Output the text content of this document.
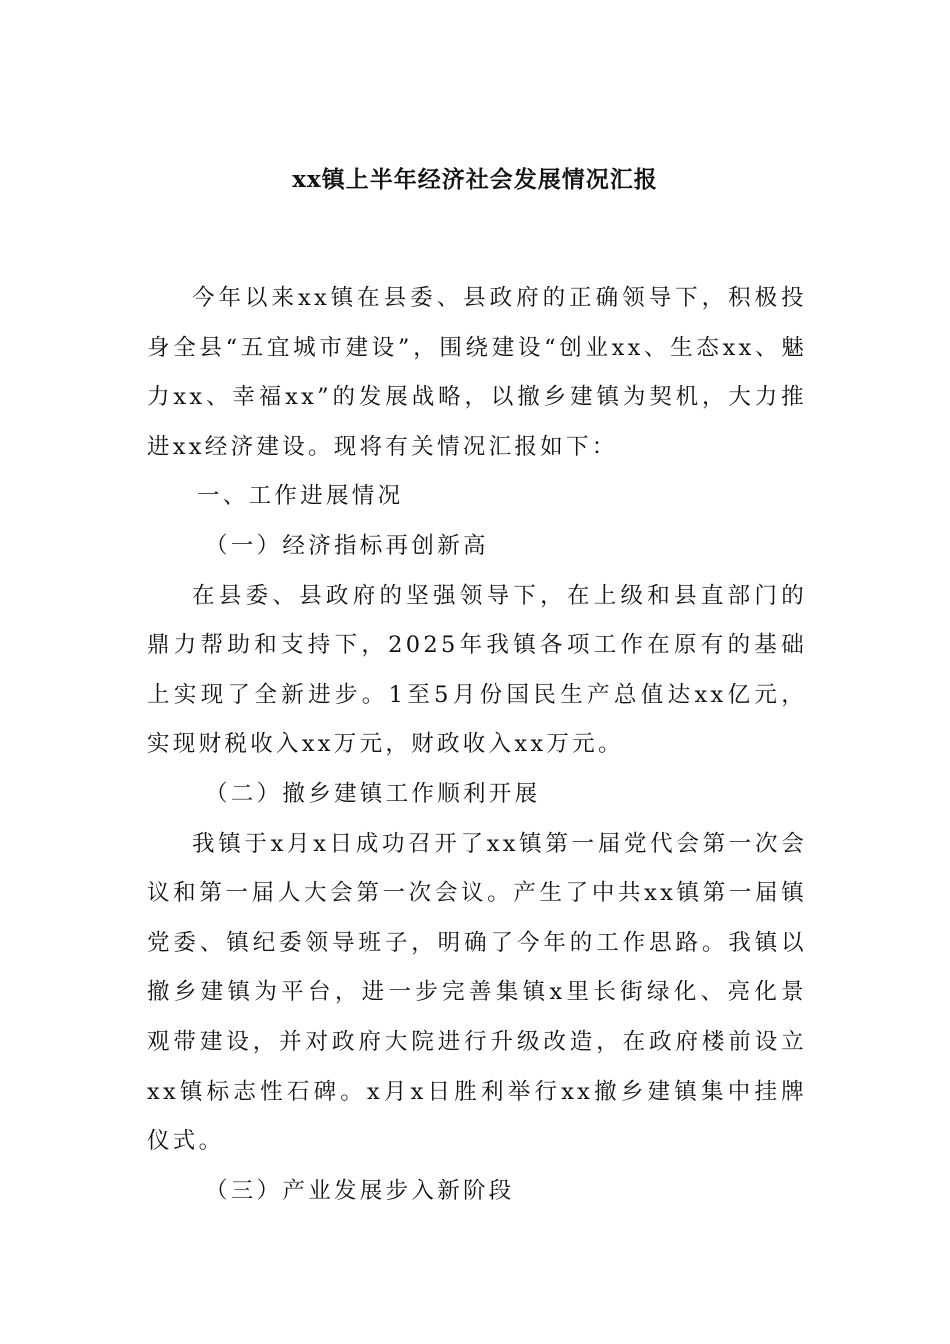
xx镇上半年经济社会发展情况汇报

今年以来xx镇在县委、县政府的正确领导下，积极投身全县“五宜城市建设”，围绕建设“创业xx、生态xx、魅力xx、幸福xx”的发展战略，以撤乡建镇为契机，大力推进xx经济建设。现将有关情况汇报如下：

一、工作进展情况

（一）经济指标再创新高

在县委、县政府的坚强领导下，在上级和县直部门的鼎力帮助和支持下，2025年我镇各项工作在原有的基础上实现了全新进步。1至5月份国民生产总值达xx亿元，实现财税收入xx万元，财政收入xx万元。

（二）撤乡建镇工作顺利开展

我镇于x月x日成功召开了xx镇第一届党代会第一次会议和第一届人大会第一次会议。产生了中共xx镇第一届镇党委、镇纪委领导班子，明确了今年的工作思路。我镇以撤乡建镇为平台，进一步完善集镇x里长街绿化、亮化景观带建设，并对政府大院进行升级改造，在政府楼前设立xx镇标志性石碑。x月x日胜利举行xx撤乡建镇集中挂牌仪式。

（三）产业发展步入新阶段
